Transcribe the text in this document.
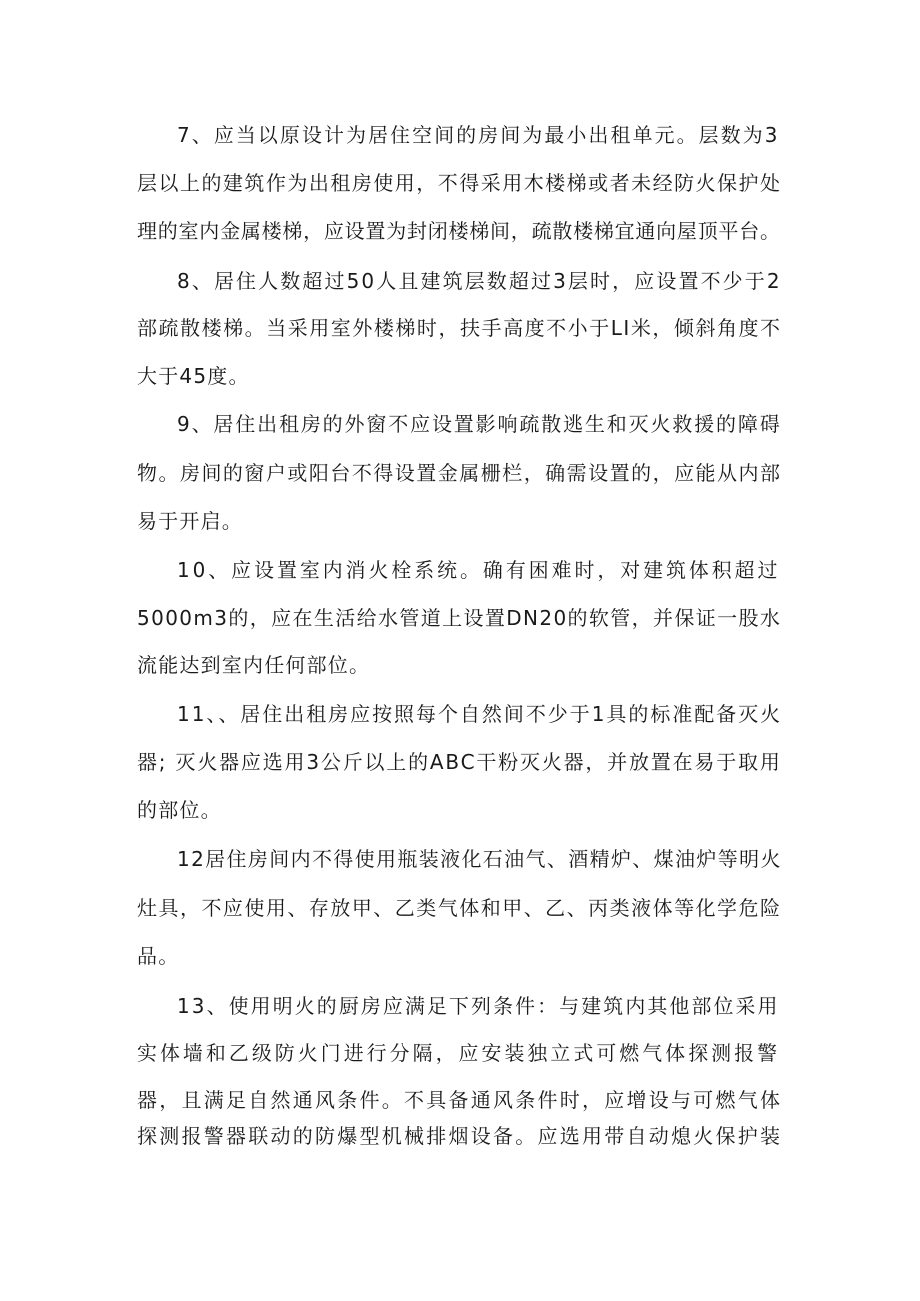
7、应当以原设计为居住空间的房间为最小出租单元。层数为3

层以上的建筑作为出租房使用，不得采用木楼梯或者未经防火保护处

理的室内金属楼梯，应设置为封闭楼梯间，疏散楼梯宜通向屋顶平台。

8、居住人数超过50人且建筑层数超过3层时，应设置不少于2

部疏散楼梯。当采用室外楼梯时，扶手高度不小于LI米，倾斜角度不

大于45度。

9、居住出租房的外窗不应设置影响疏散逃生和灭火救援的障碍

物。房间的窗户或阳台不得设置金属栅栏，确需设置的，应能从内部

易于开启。

10、应设置室内消火栓系统。确有困难时，对建筑体积超过

5000m3的，应在生活给水管道上设置DN20的软管，并保证一股水

流能达到室内任何部位。

11、、居住出租房应按照每个自然间不少于1具的标准配备灭火

器; 灭火器应选用3公斤以上的ABC干粉灭火器，并放置在易于取用

的部位。

12居住房间内不得使用瓶装液化石油气、酒精炉、煤油炉等明火

灶具，不应使用、存放甲、乙类气体和甲、乙、丙类液体等化学危险

品。

13、使用明火的厨房应满足下列条件：与建筑内其他部位采用

实体墙和乙级防火门进行分隔，应安装独立式可燃气体探测报警

器，且满足自然通风条件。不具备通风条件时，应增设与可燃气体

探测报警器联动的防爆型机械排烟设备。应选用带自动熄火保护装
